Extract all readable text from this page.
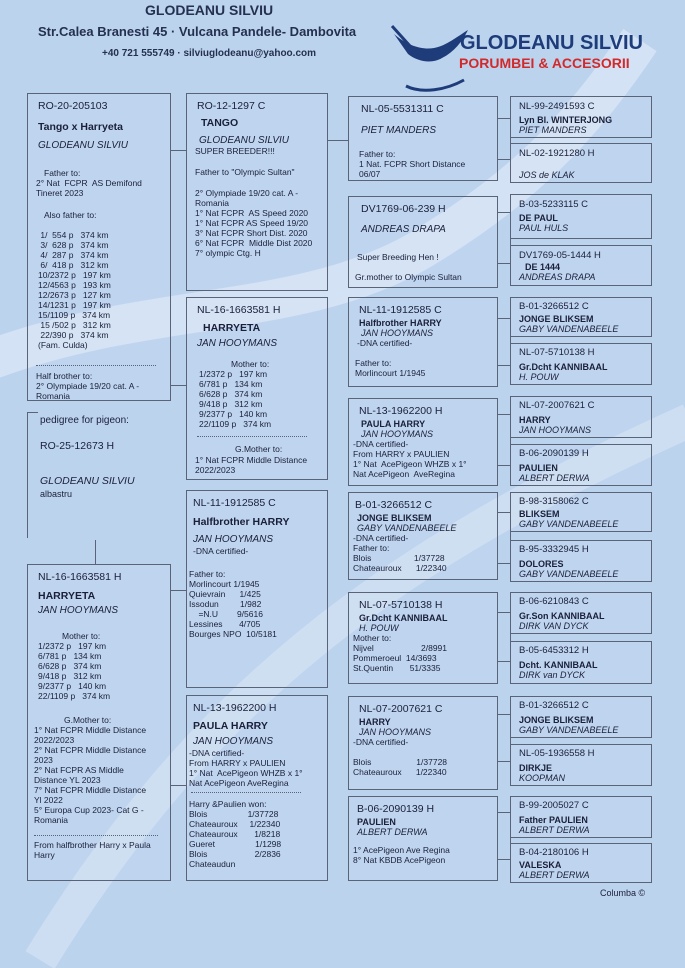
GLODEANU SILVIU
Str.Calea Branesti 45 · Vulcana Pandele- Dambovita
+40 721 555749 · silviuglodeanu@yahoo.com	GLODEANU SILVIU
PORUMBEI & ACCESORII
RO-20-205103
Tango x Harryeta
GLODEANU SILVIU
Father to:
2° Nat  FCPR  AS Demifond
Tineret 2023
Also father to:
1/  554 p   374 km
3/  628 p   374 km
4/  287 p   374 km
6/  418 p   312 km
10/2372 p   197 km
12/4563 p   193 km
12/2673 p   127 km
14/1231 p   197 km
15/1109 p   374 km
15 /502 p   312 km
22/390 p   374 km
(Fam. Culda)
Half brother to:
2° Olympiade 19/20 cat. A -
Romania
pedigree for pigeon:
RO-25-12673 H
GLODEANU SILVIU
albastru
NL-16-1663581 H
HARRYETA
JAN HOOYMANS
Mother to:
1/2372 p   197 km
6/781 p   134 km
6/628 p   374 km
9/418 p   312 km
9/2377 p   140 km
22/1109 p   374 km
G.Mother to:
1° Nat FCPR Middle Distance
2022/2023
2° Nat FCPR Middle Distance
2023
2° Nat FCPR AS Middle
Distance YL 2023
7° Nat FCPR Middle Distance
Yl 2022
5° Europa Cup 2023- Cat G -
Romania
From halfbrother Harry x Paula
Harry
RO-12-1297 C
TANGO
GLODEANU SILVIU
SUPER BREEDER!!!
Father to "Olympic Sultan"
2° Olympiade 19/20 cat. A -
Romania
1° Nat FCPR  AS Speed 2020
1° Nat FCPR AS Speed 19/20
3° Nat FCPR Short Dist. 2020
6° Nat FCPR  Middle Dist 2020
7° olympic Ctg. H
NL-16-1663581 H
HARRYETA
JAN HOOYMANS
Mother to:
1/2372 p   197 km
6/781 p   134 km
6/628 p   374 km
9/418 p   312 km
9/2377 p   140 km
22/1109 p   374 km
G.Mother to:
1° Nat FCPR Middle Distance
2022/2023
NL-11-1912585 C
Halfbrother HARRY
JAN HOOYMANS
-DNA certified-
Father to:
Morlincourt 1/1945
Quievrain      1/425
Issodun         1/982
=N.U        9/5616
Lessines       4/705
Bourges NPO  10/5181
NL-13-1962200 H
PAULA HARRY
JAN HOOYMANS
-DNA certified-
From HARRY x PAULIEN
1° Nat  AcePigeon WHZB x 1°
Nat AcePigeon AveRegina
Harry &Paulien won:
Blois                 1/37728
Chateauroux     1/22340
Chateauroux       1/8218
Gueret                 1/1298
Blois                    2/2836
Chateaudun
NL-05-5531311 C
PIET MANDERS
Father to:
1 Nat. FCPR Short Distance
06/07
DV1769-06-239 H
ANDREAS DRAPA
Super Breeding Hen !
Gr.mother to Olympic Sultan
NL-11-1912585 C
Halfbrother HARRY
JAN HOOYMANS
-DNA certified-
Father to:
Morlincourt 1/1945
NL-13-1962200 H
PAULA HARRY
JAN HOOYMANS
-DNA certified-
From HARRY x PAULIEN
1° Nat  AcePigeon WHZB x 1°
Nat AcePigeon  AveRegina
B-01-3266512 C
JONGE BLIKSEM
GABY VANDENABEELE
-DNA certified-
Father to:
Blois                  1/37728
Chateauroux      1/22340
NL-07-5710138 H
Gr.Dcht KANNIBAAL
H. POUW
Mother to:
Nijvel                    2/8991
Pommeroeul  14/3693
St.Quentin       51/3335
NL-07-2007621 C
HARRY
JAN HOOYMANS
-DNA certified-

Blois                   1/37728
Chateauroux      1/22340
B-06-2090139 H
PAULIEN
ALBERT DERWA
1° AcePigeon Ave Regina
8° Nat KBDB AcePigeon
NL-99-2491593 C
Lyn Bl. WINTERJONG
PIET MANDERS
NL-02-1921280 H
JOS de KLAK
B-03-5233115 C
DE PAUL
PAUL HULS
DV1769-05-1444 H
DE 1444
ANDREAS DRAPA
B-01-3266512 C
JONGE BLIKSEM
GABY VANDENABEELE
NL-07-5710138 H
Gr.Dcht KANNIBAAL
H. POUW
NL-07-2007621 C
HARRY
JAN HOOYMANS
B-06-2090139 H
PAULIEN
ALBERT DERWA
B-98-3158062 C
BLIKSEM
GABY VANDENABEELE
B-95-3332945 H
DOLORES
GABY VANDENABEELE
B-06-6210843 C
Gr.Son KANNIBAAL
DIRK VAN DYCK
B-05-6453312 H
Dcht. KANNIBAAL
DIRK van DYCK
B-01-3266512 C
JONGE BLIKSEM
GABY VANDENABEELE
NL-05-1936558 H
DIRKJE
KOOPMAN
B-99-2005027 C
Father PAULIEN
ALBERT DERWA
B-04-2180106 H
VALESKA
ALBERT DERWA
Columba ©
